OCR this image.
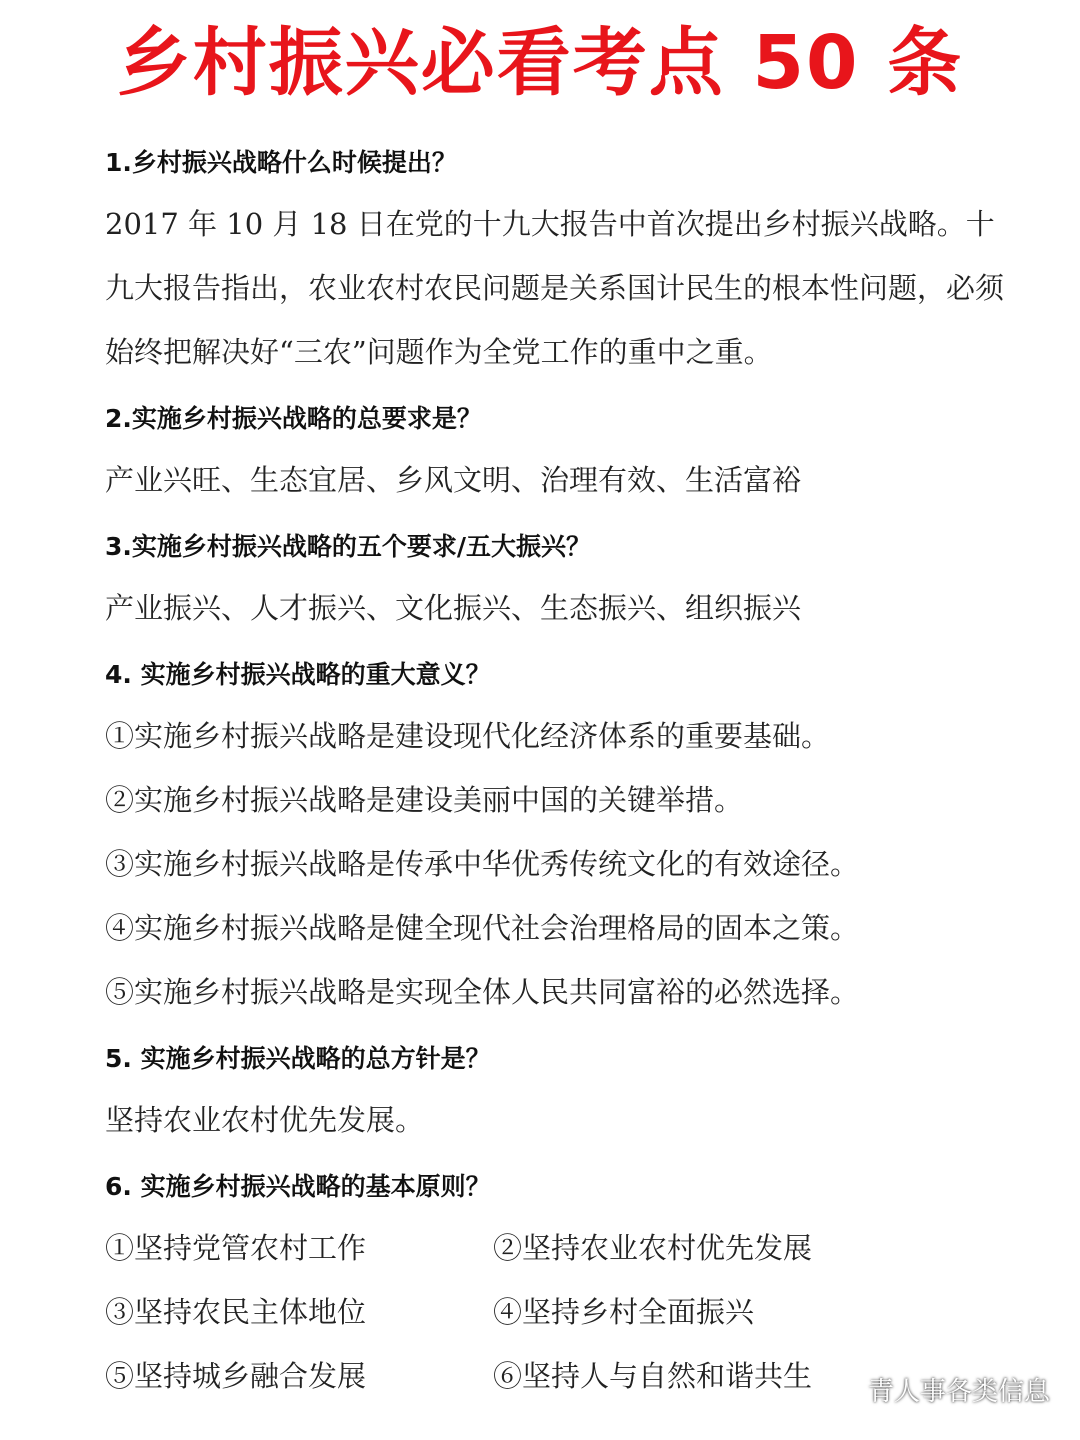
乡村振兴必看考点 50 条

1.乡村振兴战略什么时候提出？

2017 年 10 月 18 日在党的十九大报告中首次提出乡村振兴战略。十九大报告指出，农业农村农民问题是关系国计民生的根本性问题，必须始终把解决好“三农”问题作为全党工作的重中之重。

2.实施乡村振兴战略的总要求是？

产业兴旺、生态宜居、乡风文明、治理有效、生活富裕

3.实施乡村振兴战略的五个要求/五大振兴？

产业振兴、人才振兴、文化振兴、生态振兴、组织振兴

4. 实施乡村振兴战略的重大意义？

①实施乡村振兴战略是建设现代化经济体系的重要基础。

②实施乡村振兴战略是建设美丽中国的关键举措。

③实施乡村振兴战略是传承中华优秀传统文化的有效途径。

④实施乡村振兴战略是健全现代社会治理格局的固本之策。

⑤实施乡村振兴战略是实现全体人民共同富裕的必然选择。

5. 实施乡村振兴战略的总方针是？

坚持农业农村优先发展。

6. 实施乡村振兴战略的基本原则？

①坚持党管农村工作	②坚持农业农村优先发展

③坚持农民主体地位	④坚持乡村全面振兴

⑤坚持城乡融合发展	⑥坚持人与自然和谐共生	青人事各类信息
